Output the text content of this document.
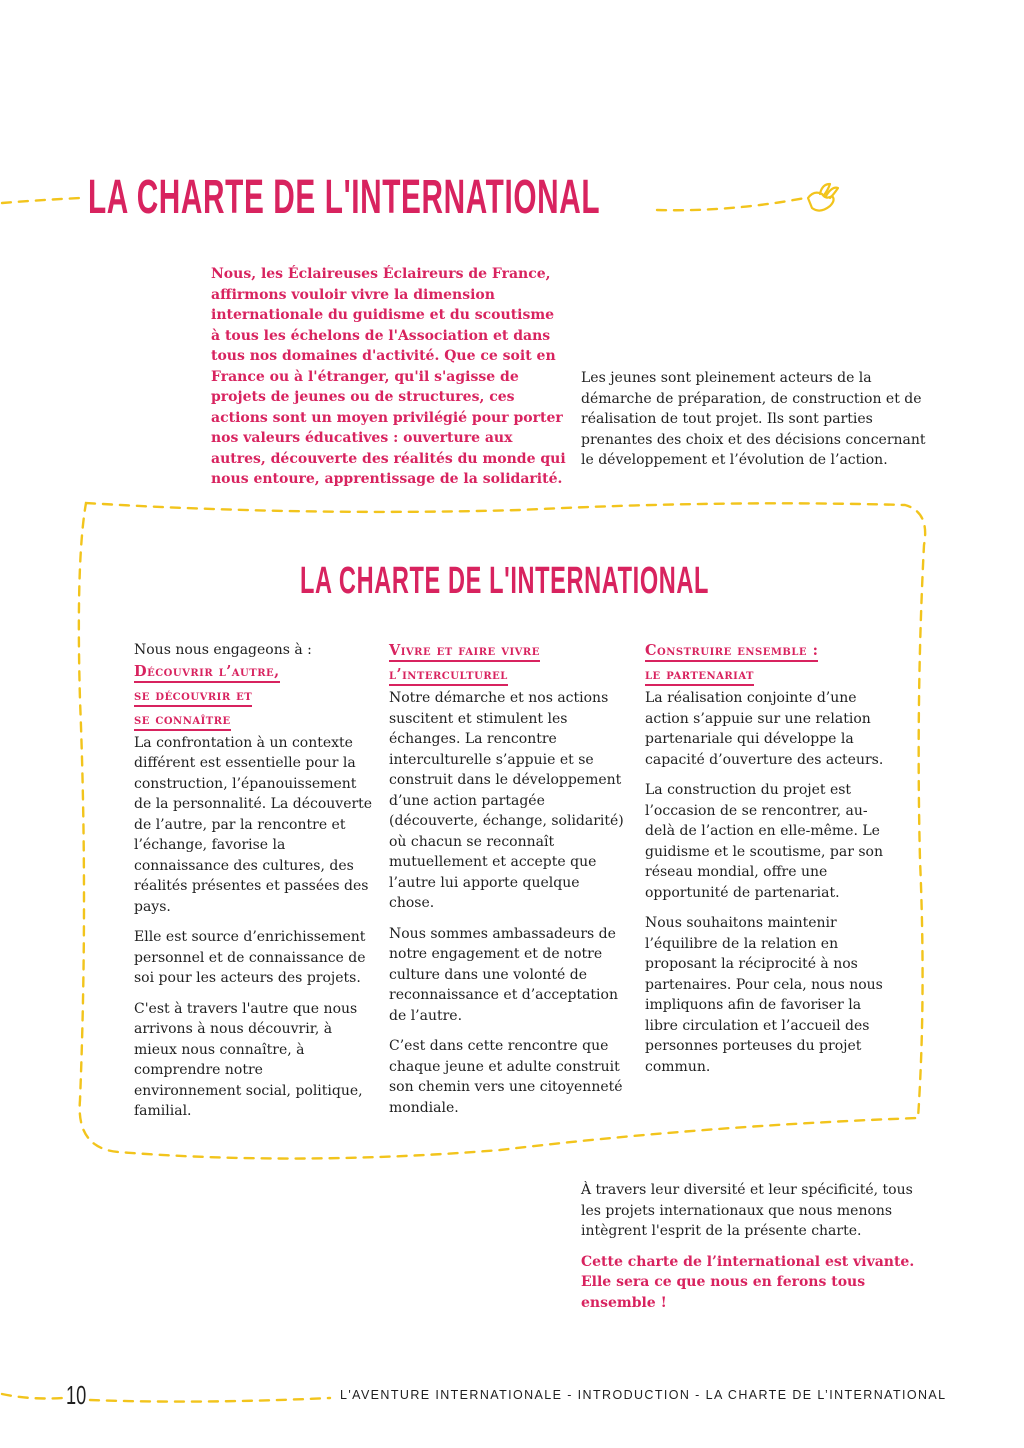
LA CHARTE DE L'INTERNATIONAL
Nous, les Éclaireuses Éclaireurs de France, affirmons vouloir vivre la dimension internationale du guidisme et du scoutisme à tous les échelons de l'Association et dans tous nos domaines d'activité. Que ce soit en France ou à l'étranger, qu'il s'agisse de projets de jeunes ou de structures, ces actions sont un moyen privilégié pour porter nos valeurs éducatives : ouverture aux autres, découverte des réalités du monde qui nous entoure, apprentissage de la solidarité.
Les jeunes sont pleinement acteurs de la démarche de préparation, de construction et de réalisation de tout projet. Ils sont parties prenantes des choix et des décisions concernant le développement et l’évolution de l’action.
LA CHARTE DE L'INTERNATIONAL
Nous nous engageons à :
Découvrir l’autre,
se découvrir et
se connaître

La confrontation à un contexte différent est essentielle pour la construction, l’épanouissement de la personnalité. La découverte de l’autre, par la rencontre et l’échange, favorise la connaissance des cultures, des réalités présentes et passées des pays.

Elle est source d’enrichissement personnel et de connaissance de soi pour les acteurs des projets.

C'est à travers l'autre que nous arrivons à nous découvrir, à mieux nous connaître, à comprendre notre environnement social, politique, familial.

Vivre et faire vivre
l’interculturel

Notre démarche et nos actions suscitent et stimulent les échanges. La rencontre interculturelle s’appuie et se construit dans le développement d’une action partagée (découverte, échange, solidarité) où chacun se reconnaît mutuellement et accepte que l’autre lui apporte quelque chose.

Nous sommes ambassadeurs de notre engagement et de notre culture dans une volonté de reconnaissance et d’acceptation de l’autre.

C’est dans cette rencontre que chaque jeune et adulte construit son chemin vers une citoyenneté mondiale.

Construire ensemble :
le partenariat

La réalisation conjointe d’une action s’appuie sur une relation partenariale qui développe la capacité d’ouverture des acteurs.

La construction du projet est l’occasion de se rencontrer, au-delà de l’action en elle-même. Le guidisme et le scoutisme, par son réseau mondial, offre une opportunité de partenariat.

Nous souhaitons maintenir l’équilibre de la relation en proposant la réciprocité à nos partenaires. Pour cela, nous nous impliquons afin de favoriser la libre circulation et l’accueil des personnes porteuses du projet commun.

À travers leur diversité et leur spécificité, tous les projets internationaux que nous menons intègrent l'esprit de la présente charte.

Cette charte de l’international est vivante.
Elle sera ce que nous en ferons tous ensemble !

10	L'AVENTURE INTERNATIONALE - INTRODUCTION - LA CHARTE DE L’INTERNATIONAL
